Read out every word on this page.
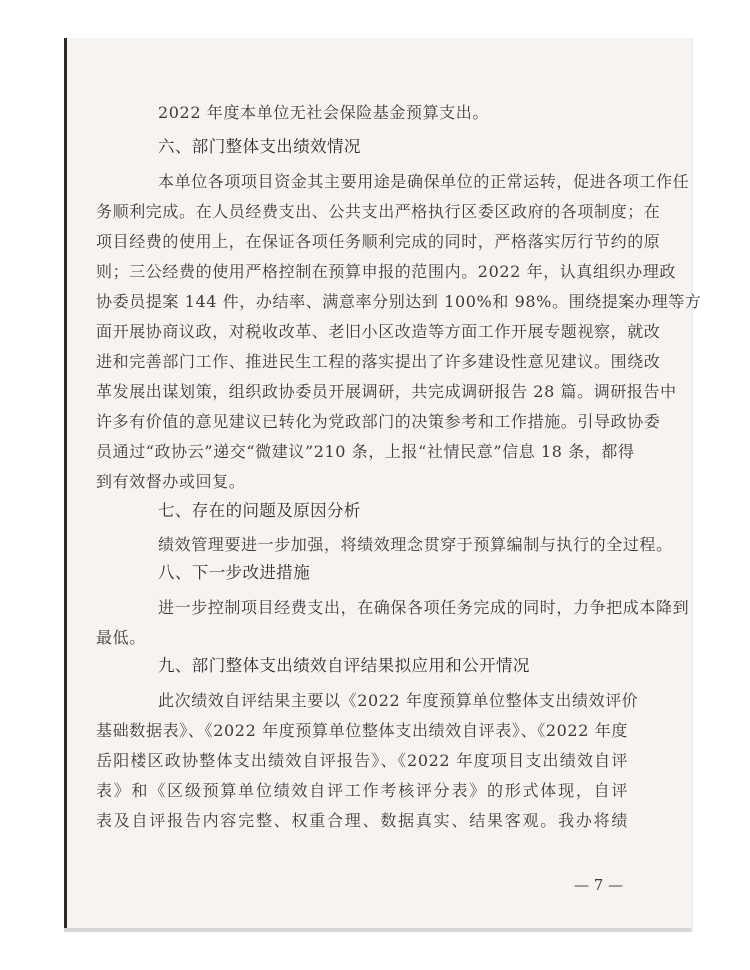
2022 年度本单位无社会保险基金预算支出。
六、部门整体支出绩效情况
本单位各项项目资金其主要用途是确保单位的正常运转，促进各项工作任
务顺利完成。在人员经费支出、公共支出严格执行区委区政府的各项制度；在
项目经费的使用上，在保证各项任务顺利完成的同时，严格落实厉行节约的原
则；三公经费的使用严格控制在预算申报的范围内。2022 年，认真组织办理政
协委员提案 144 件，办结率、满意率分别达到 100%和 98%。围绕提案办理等方
面开展协商议政，对税收改革、老旧小区改造等方面工作开展专题视察，就改
进和完善部门工作、推进民生工程的落实提出了许多建设性意见建议。围绕改
革发展出谋划策，组织政协委员开展调研，共完成调研报告 28 篇。调研报告中
许多有价值的意见建议已转化为党政部门的决策参考和工作措施。引导政协委
员通过“政协云”递交“微建议”210 条，上报“社情民意”信息 18 条，都得
到有效督办或回复。
七、存在的问题及原因分析
绩效管理要进一步加强，将绩效理念贯穿于预算编制与执行的全过程。
八、下一步改进措施
进一步控制项目经费支出，在确保各项任务完成的同时，力争把成本降到
最低。
九、部门整体支出绩效自评结果拟应用和公开情况
此次绩效自评结果主要以《2022 年度预算单位整体支出绩效评价
基础数据表》、《2022 年度预算单位整体支出绩效自评表》、《2022 年度
岳阳楼区政协整体支出绩效自评报告》、《2022 年度项目支出绩效自评
表》和《区级预算单位绩效自评工作考核评分表》的形式体现，自评
表及自评报告内容完整、权重合理、数据真实、结果客观。我办将绩
— 7 —
